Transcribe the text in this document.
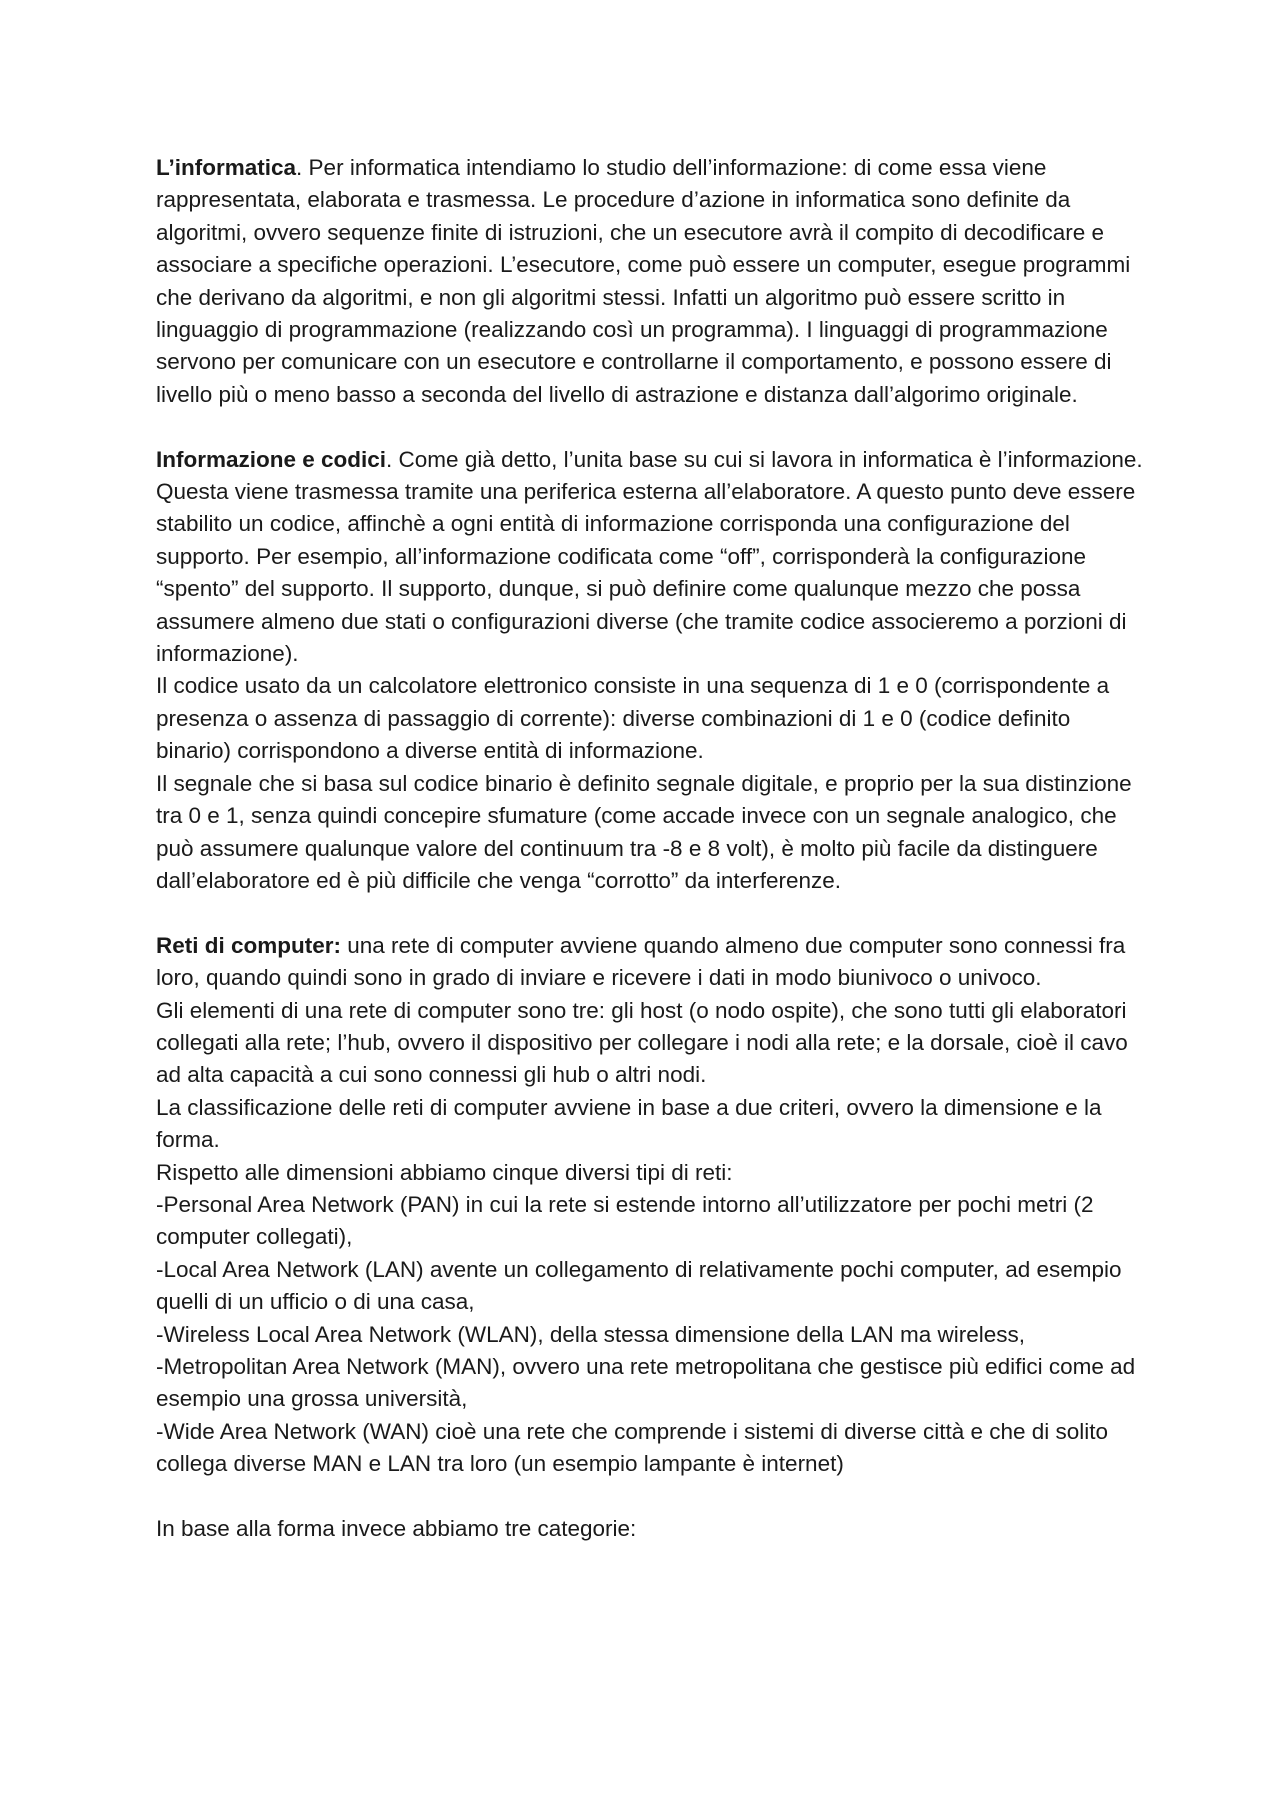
L’informatica. Per informatica intendiamo lo studio dell’informazione: di come essa viene rappresentata, elaborata e trasmessa. Le procedure d’azione in informatica sono definite da algoritmi, ovvero sequenze finite di istruzioni, che un esecutore avrà il compito di decodificare e associare a specifiche operazioni. L’esecutore, come può essere un computer, esegue programmi che derivano da algoritmi, e non gli algoritmi stessi. Infatti un algoritmo può essere scritto in linguaggio di programmazione (realizzando così un programma). I linguaggi di programmazione servono per comunicare con un esecutore e controllarne il comportamento, e possono essere di livello più o meno basso a seconda del livello di astrazione e distanza dall’algorimo originale.

Informazione e codici. Come già detto, l’unita base su cui si lavora in informatica è l’informazione. Questa viene trasmessa tramite una periferica esterna all’elaboratore. A questo punto deve essere stabilito un codice, affinchè a ogni entità di informazione corrisponda una configurazione del supporto. Per esempio, all’informazione codificata come “off”, corrisponderà la configurazione “spento” del supporto. Il supporto, dunque, si può definire come qualunque mezzo che possa assumere almeno due stati o configurazioni diverse (che tramite codice associeremo a porzioni di informazione).

Il codice usato da un calcolatore elettronico consiste in una sequenza di 1 e 0 (corrispondente a presenza o assenza di passaggio di corrente): diverse combinazioni di 1 e 0 (codice definito binario) corrispondono a diverse entità di informazione.

Il segnale che si basa sul codice binario è definito segnale digitale, e proprio per la sua distinzione tra 0 e 1, senza quindi concepire sfumature (come accade invece con un segnale analogico, che può assumere qualunque valore del continuum tra -8 e 8 volt), è molto più facile da distinguere dall’elaboratore ed è più difficile che venga “corrotto” da interferenze.

Reti di computer: una rete di computer avviene quando almeno due computer sono connessi fra loro, quando quindi sono in grado di inviare e ricevere i dati in modo biunivoco o univoco.

Gli elementi di una rete di computer sono tre: gli host (o nodo ospite), che sono tutti gli elaboratori collegati alla rete; l’hub, ovvero il dispositivo per collegare i nodi alla rete; e la dorsale, cioè il cavo ad alta capacità a cui sono connessi gli hub o altri nodi.

La classificazione delle reti di computer avviene in base a due criteri, ovvero la dimensione e la forma.

Rispetto alle dimensioni abbiamo cinque diversi tipi di reti:

-Personal Area Network (PAN) in cui la rete si estende intorno all’utilizzatore per pochi metri (2 computer collegati),

-Local Area Network (LAN) avente un collegamento di relativamente pochi computer, ad esempio quelli di un ufficio o di una casa,

-Wireless Local Area Network (WLAN), della stessa dimensione della LAN ma wireless,

-Metropolitan Area Network (MAN), ovvero una rete metropolitana che gestisce più edifici come ad esempio una grossa università,

-Wide Area Network (WAN) cioè una rete che comprende i sistemi di diverse città e che di solito collega diverse MAN e LAN tra loro (un esempio lampante è internet)

In base alla forma invece abbiamo tre categorie:
